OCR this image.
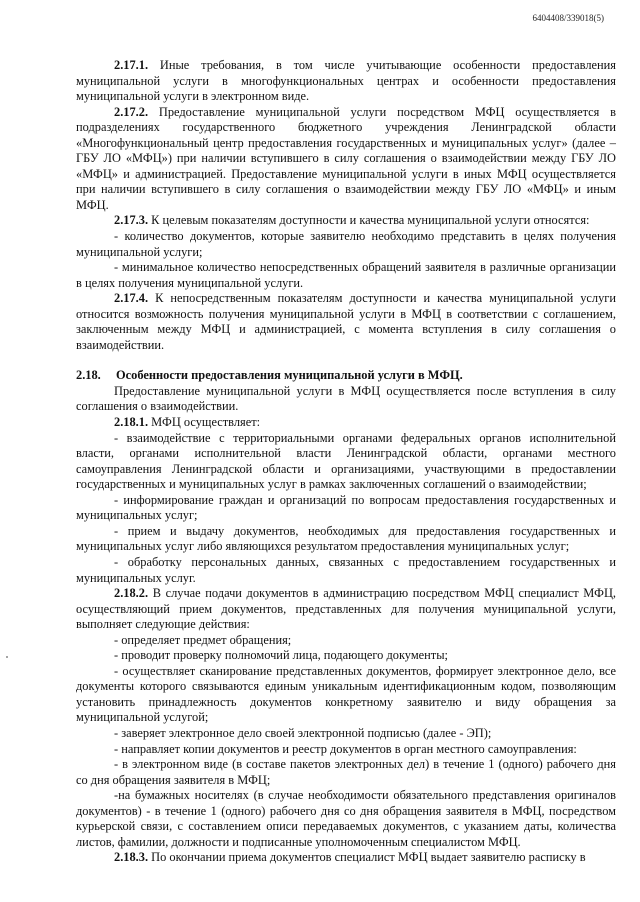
6404408/339018(5)

2.17.1. Иные требования, в том числе учитывающие особенности предоставления муниципальной услуги в многофункциональных центрах и особенности предоставления муниципальной услуги в электронном виде.

2.17.2. Предоставление муниципальной услуги посредством МФЦ осуществляется в подразделениях государственного бюджетного учреждения Ленинградской области «Многофункциональный центр предоставления государственных и муниципальных услуг» (далее – ГБУ ЛО «МФЦ») при наличии вступившего в силу соглашения о взаимодействии между ГБУ ЛО «МФЦ» и администрацией. Предоставление муниципальной услуги в иных МФЦ осуществляется при наличии вступившего в силу соглашения о взаимодействии между ГБУ ЛО «МФЦ» и иным МФЦ.

2.17.3. К целевым показателям доступности и качества муниципальной услуги относятся:

- количество документов, которые заявителю необходимо представить в целях получения муниципальной услуги;

- минимальное количество непосредственных обращений заявителя в различные организации в целях получения муниципальной услуги.

2.17.4. К непосредственным показателям доступности и качества муниципальной услуги относится возможность получения муниципальной услуги в МФЦ в соответствии с соглашением, заключенным между МФЦ и администрацией, с момента вступления в силу соглашения о взаимодействии.

2.18. Особенности предоставления муниципальной услуги в МФЦ.

Предоставление муниципальной услуги в МФЦ осуществляется после вступления в силу соглашения о взаимодействии.

2.18.1. МФЦ осуществляет:

- взаимодействие с территориальными органами федеральных органов исполнительной власти, органами исполнительной власти Ленинградской области, органами местного самоуправления Ленинградской области и организациями, участвующими в предоставлении государственных и муниципальных услуг в рамках заключенных соглашений о взаимодействии;

- информирование граждан и организаций по вопросам предоставления государственных и муниципальных услуг;

- прием и выдачу документов, необходимых для предоставления государственных и муниципальных услуг либо являющихся результатом предоставления муниципальных услуг;

- обработку персональных данных, связанных с предоставлением государственных и муниципальных услуг.

2.18.2. В случае подачи документов в администрацию посредством МФЦ специалист МФЦ, осуществляющий прием документов, представленных для получения муниципальной услуги, выполняет следующие действия:

- определяет предмет обращения;

- проводит проверку полномочий лица, подающего документы;

- осуществляет сканирование представленных документов, формирует электронное дело, все документы которого связываются единым уникальным идентификационным кодом, позволяющим установить принадлежность документов конкретному заявителю и виду обращения за муниципальной услугой;

- заверяет электронное дело своей электронной подписью (далее - ЭП);

- направляет копии документов и реестр документов в орган местного самоуправления:

- в электронном виде (в составе пакетов электронных дел) в течение 1 (одного) рабочего дня со дня обращения заявителя в МФЦ;

-на бумажных носителях (в случае необходимости обязательного представления оригиналов документов) - в течение 1 (одного) рабочего дня со дня обращения заявителя в МФЦ, посредством курьерской связи, с составлением описи передаваемых документов, с указанием даты, количества листов, фамилии, должности и подписанные уполномоченным специалистом МФЦ.

2.18.3. По окончании приема документов специалист МФЦ выдает заявителю расписку в
